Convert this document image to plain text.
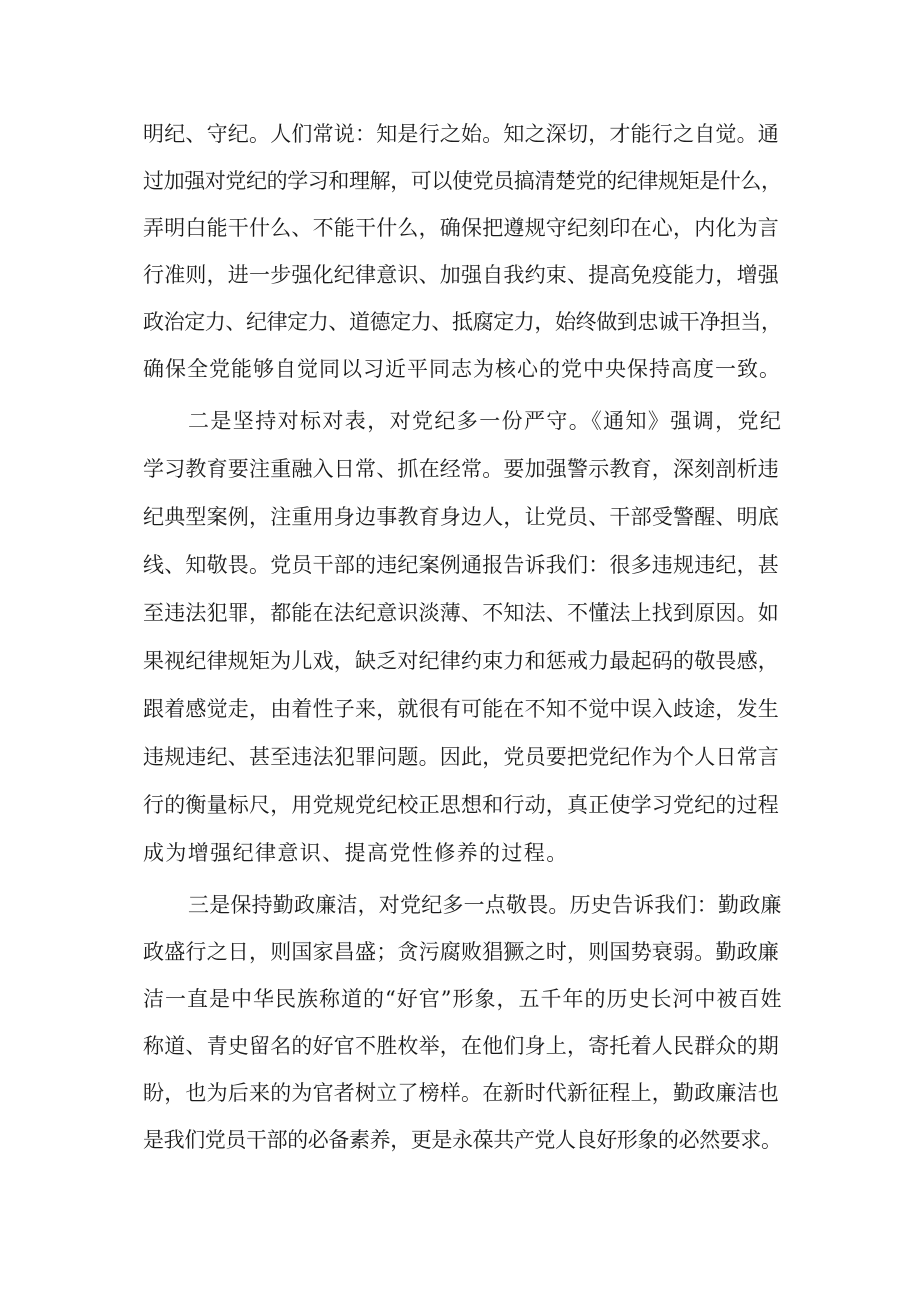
明纪、守纪。人们常说：知是行之始。知之深切，才能行之自觉。通
过加强对党纪的学习和理解，可以使党员搞清楚党的纪律规矩是什么，
弄明白能干什么、不能干什么，确保把遵规守纪刻印在心，内化为言
行准则，进一步强化纪律意识、加强自我约束、提高免疫能力，增强
政治定力、纪律定力、道德定力、抵腐定力，始终做到忠诚干净担当，
确保全党能够自觉同以习近平同志为核心的党中央保持高度一致。
二是坚持对标对表，对党纪多一份严守。《通知》强调，党纪
学习教育要注重融入日常、抓在经常。要加强警示教育，深刻剖析违
纪典型案例，注重用身边事教育身边人，让党员、干部受警醒、明底
线、知敬畏。党员干部的违纪案例通报告诉我们：很多违规违纪，甚
至违法犯罪，都能在法纪意识淡薄、不知法、不懂法上找到原因。如
果视纪律规矩为儿戏，缺乏对纪律约束力和惩戒力最起码的敬畏感，
跟着感觉走，由着性子来，就很有可能在不知不觉中误入歧途，发生
违规违纪、甚至违法犯罪问题。因此，党员要把党纪作为个人日常言
行的衡量标尺，用党规党纪校正思想和行动，真正使学习党纪的过程
成为增强纪律意识、提高党性修养的过程。
三是保持勤政廉洁，对党纪多一点敬畏。历史告诉我们：勤政廉
政盛行之日，则国家昌盛；贪污腐败猖獗之时，则国势衰弱。勤政廉
洁一直是中华民族称道的“好官”形象，五千年的历史长河中被百姓
称道、青史留名的好官不胜枚举，在他们身上，寄托着人民群众的期
盼，也为后来的为官者树立了榜样。在新时代新征程上，勤政廉洁也
是我们党员干部的必备素养，更是永葆共产党人良好形象的必然要求。
